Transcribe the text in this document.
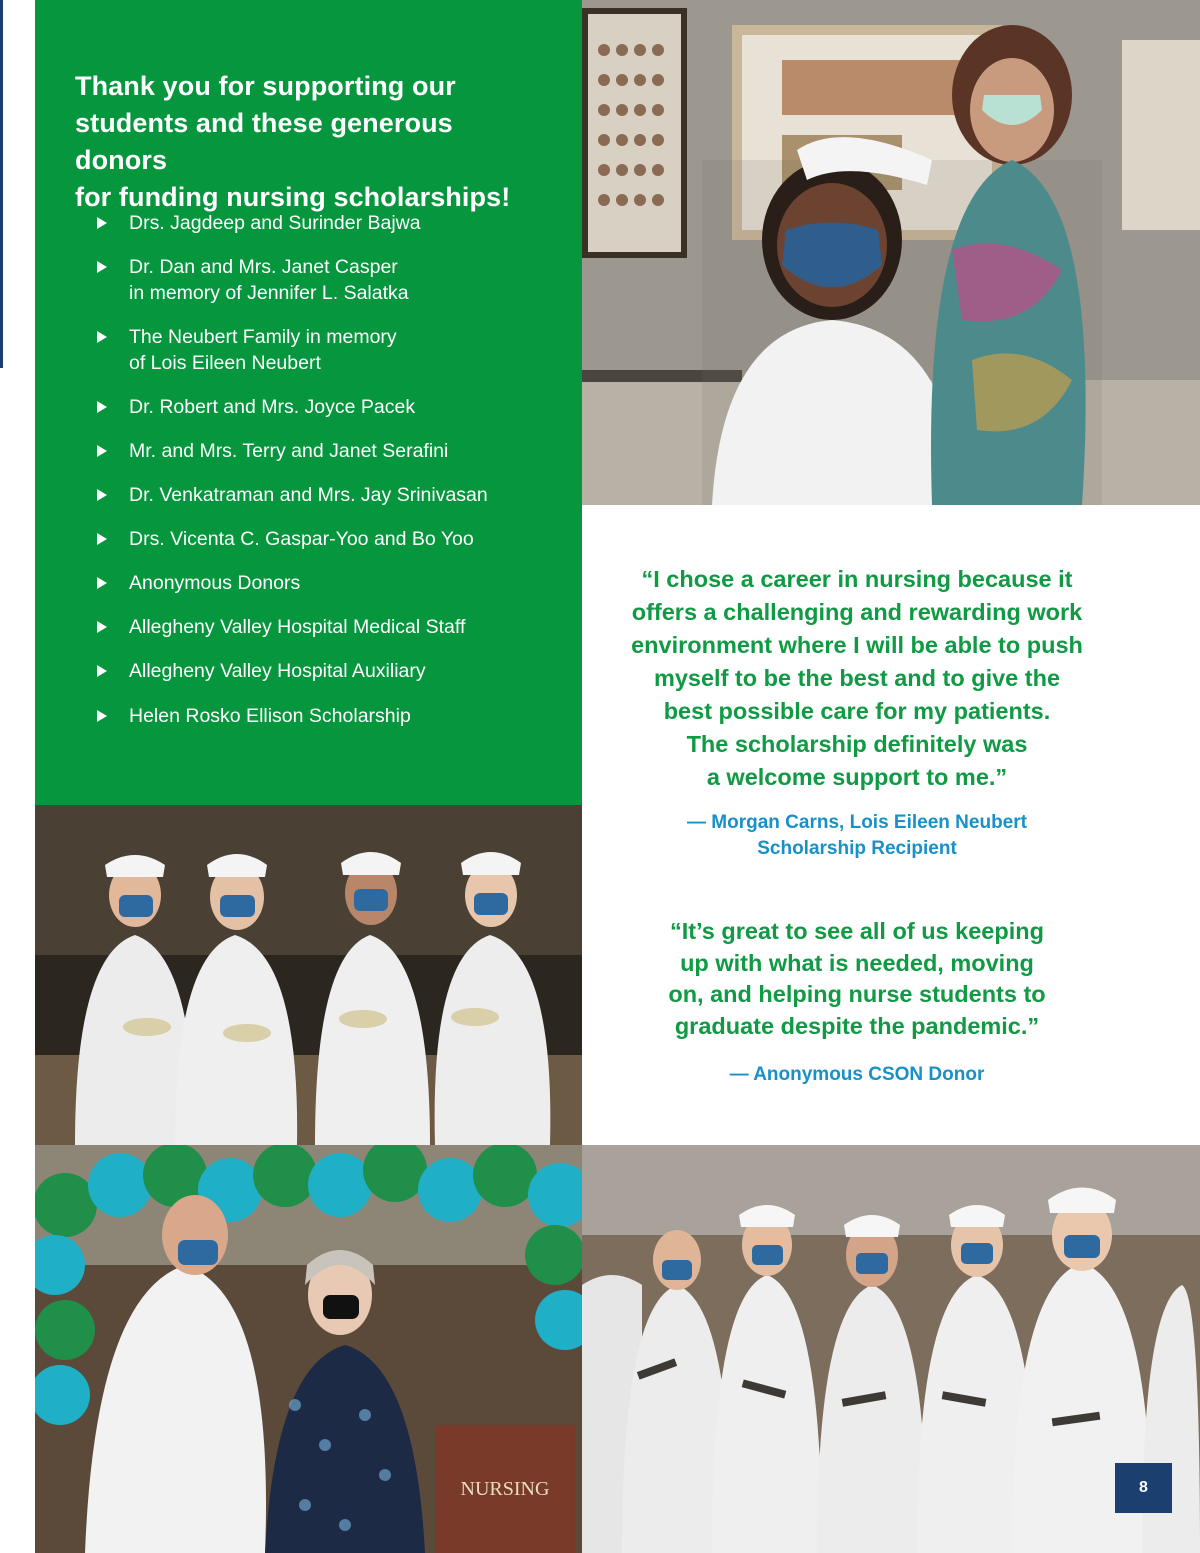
Thank you for supporting our
students and these generous donors
for funding nursing scholarships!
Drs. Jagdeep and Surinder Bajwa
Dr. Dan and Mrs. Janet Casper
in memory of Jennifer L. Salatka
The Neubert Family in memory
of Lois Eileen Neubert
Dr. Robert and Mrs. Joyce Pacek
Mr. and Mrs. Terry and Janet Serafini
Dr. Venkatraman and Mrs. Jay Srinivasan
Drs. Vicenta C. Gaspar-Yoo and Bo Yoo
Anonymous Donors
Allegheny Valley Hospital Medical Staff
Allegheny Valley Hospital Auxiliary
Helen Rosko Ellison Scholarship
NURSING
“I chose a career in nursing because it
offers a challenging and rewarding work
environment where I will be able to push
myself to be the best and to give the
best possible care for my patients.
The scholarship definitely was
a welcome support to me.”

— Morgan Carns, Lois Eileen Neubert
Scholarship Recipient

“It’s great to see all of us keeping
up with what is needed, moving
on, and helping nurse students to
graduate despite the pandemic.”

— Anonymous CSON Donor

8
